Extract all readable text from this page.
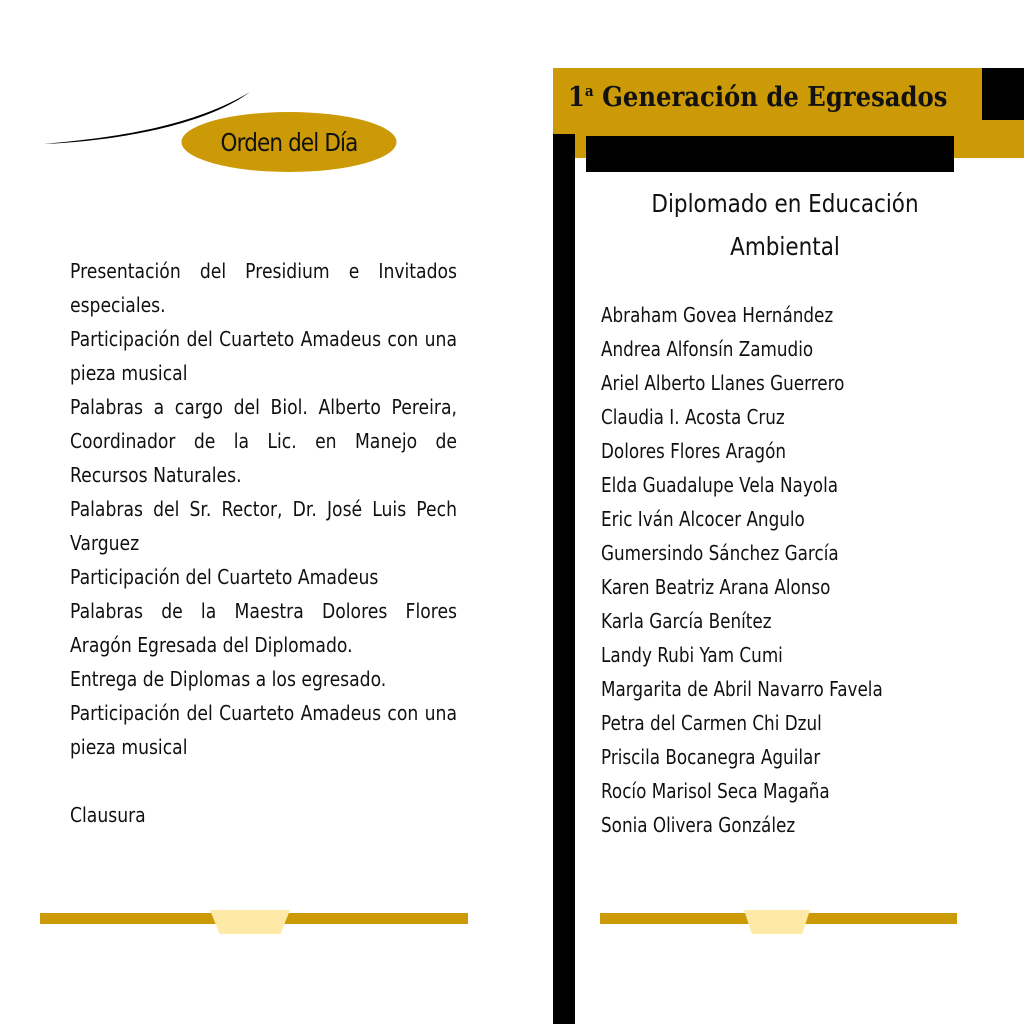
Orden del Día

Presentación del Presidium e Invitados especiales.

Participación del Cuarteto Amadeus con una pieza musical

Palabras a cargo del Biol. Alberto Pereira, Coordinador de la Lic. en Manejo de Recursos Naturales.

Palabras del Sr. Rector, Dr. José Luis Pech Varguez

Participación del Cuarteto Amadeus

Palabras de la Maestra Dolores Flores Aragón Egresada del Diplomado.

Entrega de Diplomas a los egresado.

Participación del Cuarteto Amadeus con una pieza musical

Clausura

1$^a$ Generación de Egresados
Diplomado en Educación Ambiental
Abraham Govea Hernández
Andrea Alfonsín Zamudio
Ariel Alberto Llanes Guerrero
Claudia I. Acosta Cruz
Dolores Flores Aragón
Elda Guadalupe Vela Nayola
Eric Iván Alcocer Angulo
Gumersindo Sánchez García
Karen Beatriz Arana Alonso
Karla García Benítez
Landy Rubi Yam Cumi
Margarita de Abril Navarro Favela
Petra del Carmen Chi Dzul
Priscila Bocanegra Aguilar
Rocío Marisol Seca Magaña
Sonia Olivera González
